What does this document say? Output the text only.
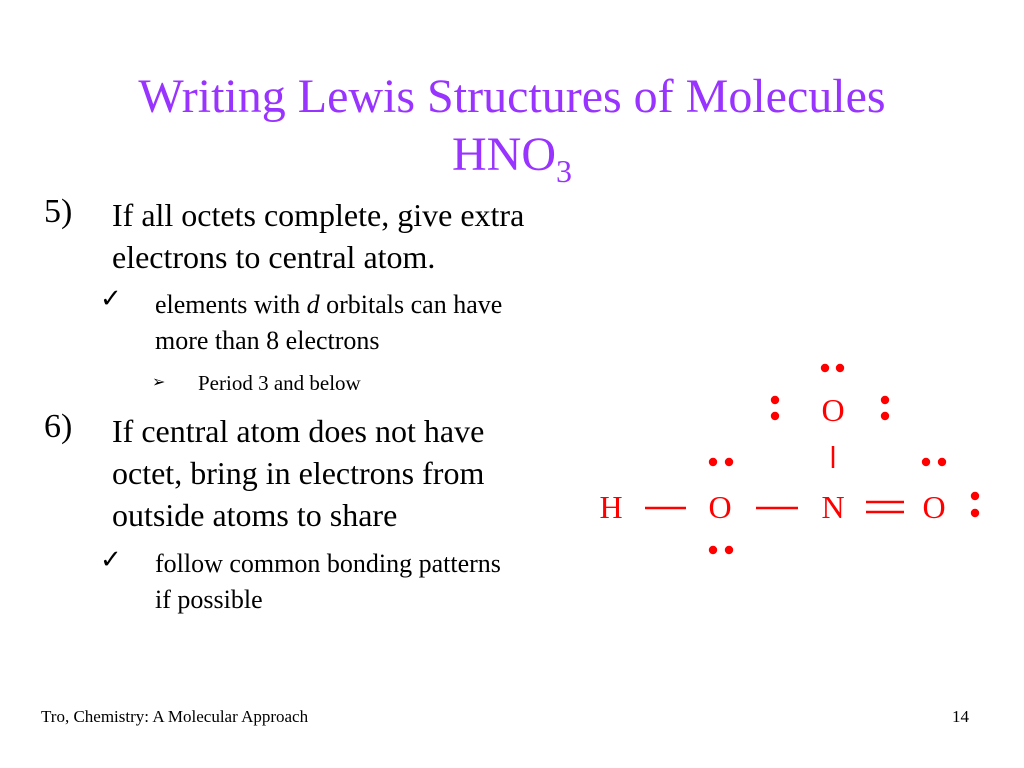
Writing Lewis Structures of Molecules
$HNO_3$
5) If all octets complete, give extra
electrons to central atom.
✓ elements with d orbitals can have
more than 8 electrons
➢ Period 3 and below
6) If central atom does not have
octet, bring in electrons from
outside atoms to share
✓ follow common bonding patterns
if possible
O
H	O	N O
Tro, Chemistry: A Molecular Approach	14
